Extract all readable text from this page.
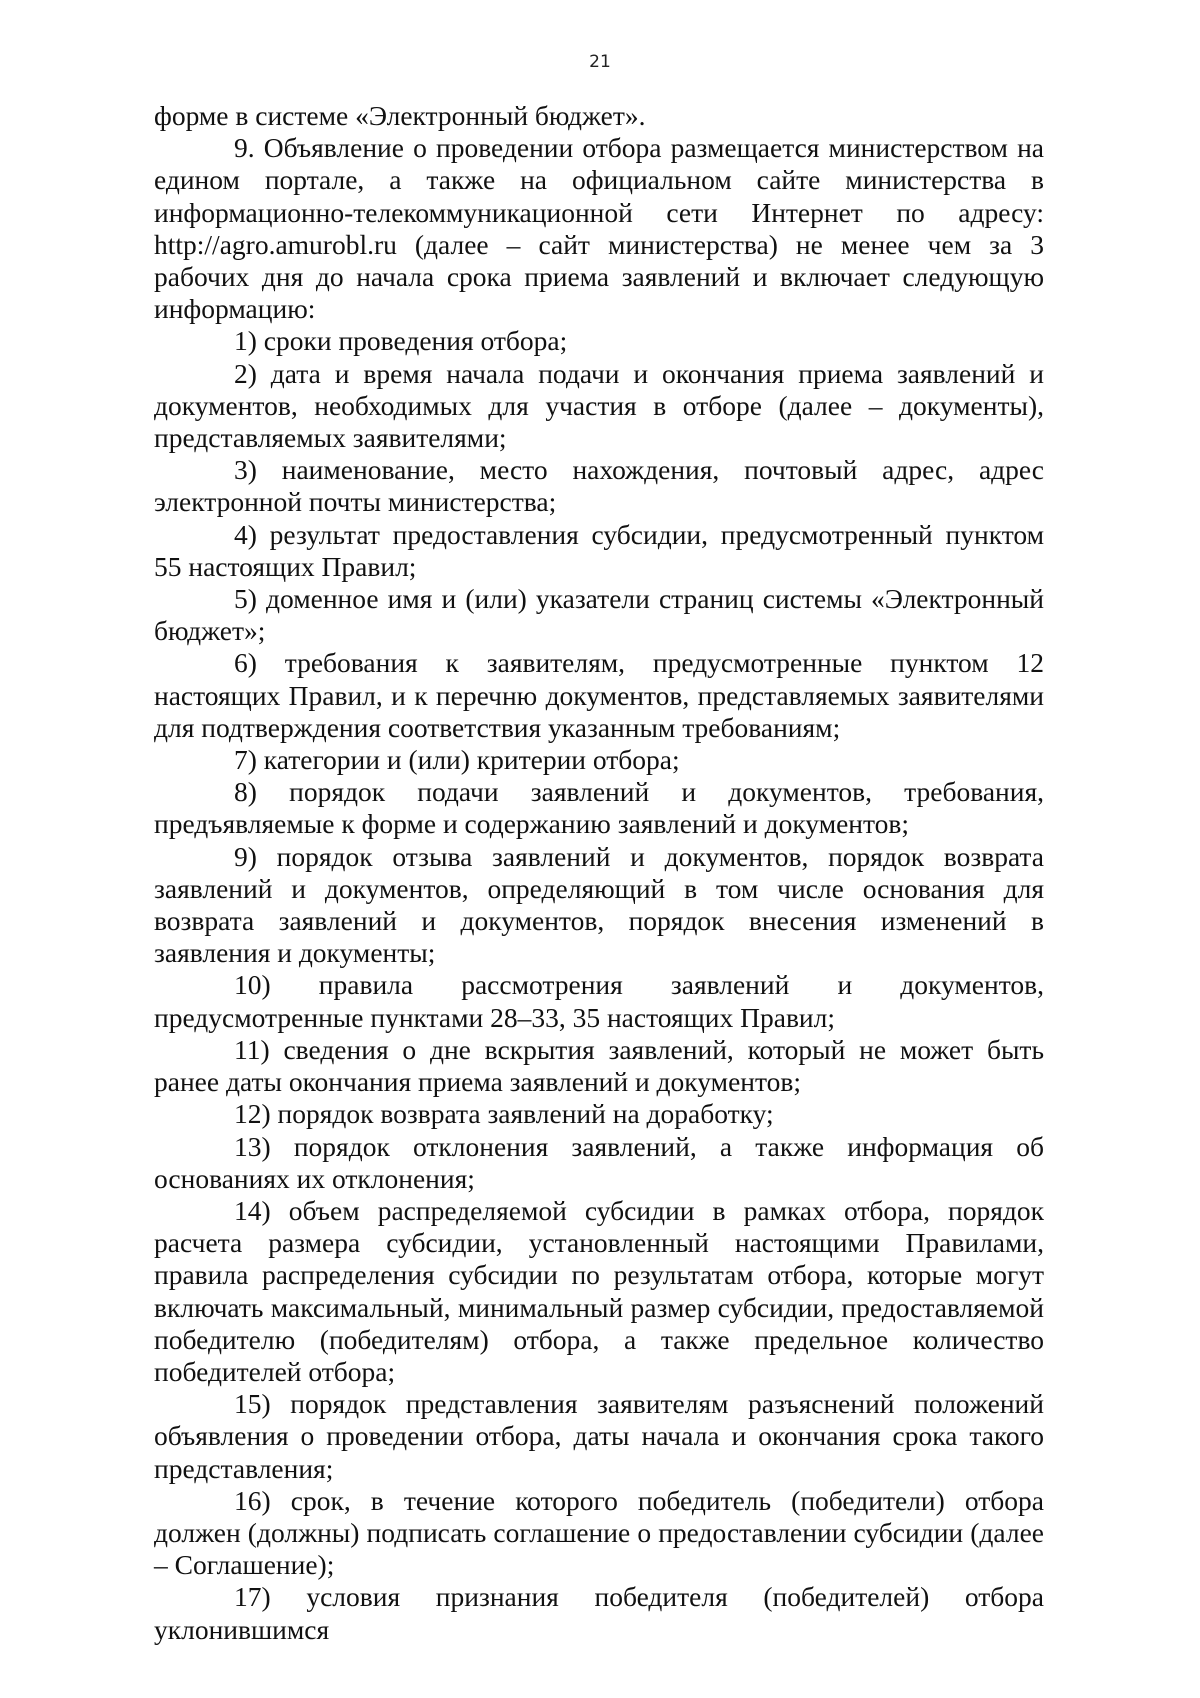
21

форме в системе «Электронный бюджет».

9. Объявление о проведении отбора размещается министерством на едином портале, а также на официальном сайте министерства в информационно-телекоммуникационной сети Интернет по адресу: http://agro.amurobl.ru (далее – сайт министерства) не менее чем за 3 рабочих дня до начала срока приема заявлений и включает следующую информацию:

1) сроки проведения отбора;

2) дата и время начала подачи и окончания приема заявлений и документов, необходимых для участия в отборе (далее – документы), представляемых заявителями;

3) наименование, место нахождения, почтовый адрес, адрес электронной почты министерства;

4) результат предоставления субсидии, предусмотренный пунктом 55 настоящих Правил;

5) доменное имя и (или) указатели страниц системы «Электронный бюджет»;

6) требования к заявителям, предусмотренные пунктом 12 настоящих Правил, и к перечню документов, представляемых заявителями для подтверждения соответствия указанным требованиям;

7) категории и (или) критерии отбора;

8) порядок подачи заявлений и документов, требования, предъявляемые к форме и содержанию заявлений и документов;

9) порядок отзыва заявлений и документов, порядок возврата заявлений и документов, определяющий в том числе основания для возврата заявлений и документов, порядок внесения изменений в заявления и документы;

10) правила рассмотрения заявлений и документов, предусмотренные пунктами 28–33, 35 настоящих Правил;

11) сведения о дне вскрытия заявлений, который не может быть ранее даты окончания приема заявлений и документов;

12) порядок возврата заявлений на доработку;

13) порядок отклонения заявлений, а также информация об основаниях их отклонения;

14) объем распределяемой субсидии в рамках отбора, порядок расчета размера субсидии, установленный настоящими Правилами, правила распределения субсидии по результатам отбора, которые могут включать максимальный, минимальный размер субсидии, предоставляемой победителю (победителям) отбора, а также предельное количество победителей отбора;

15) порядок представления заявителям разъяснений положений объявления о проведении отбора, даты начала и окончания срока такого представления;

16) срок, в течение которого победитель (победители) отбора должен (должны) подписать соглашение о предоставлении субсидии (далее – Соглашение);

17) условия признания победителя (победителей) отбора уклонившимся
